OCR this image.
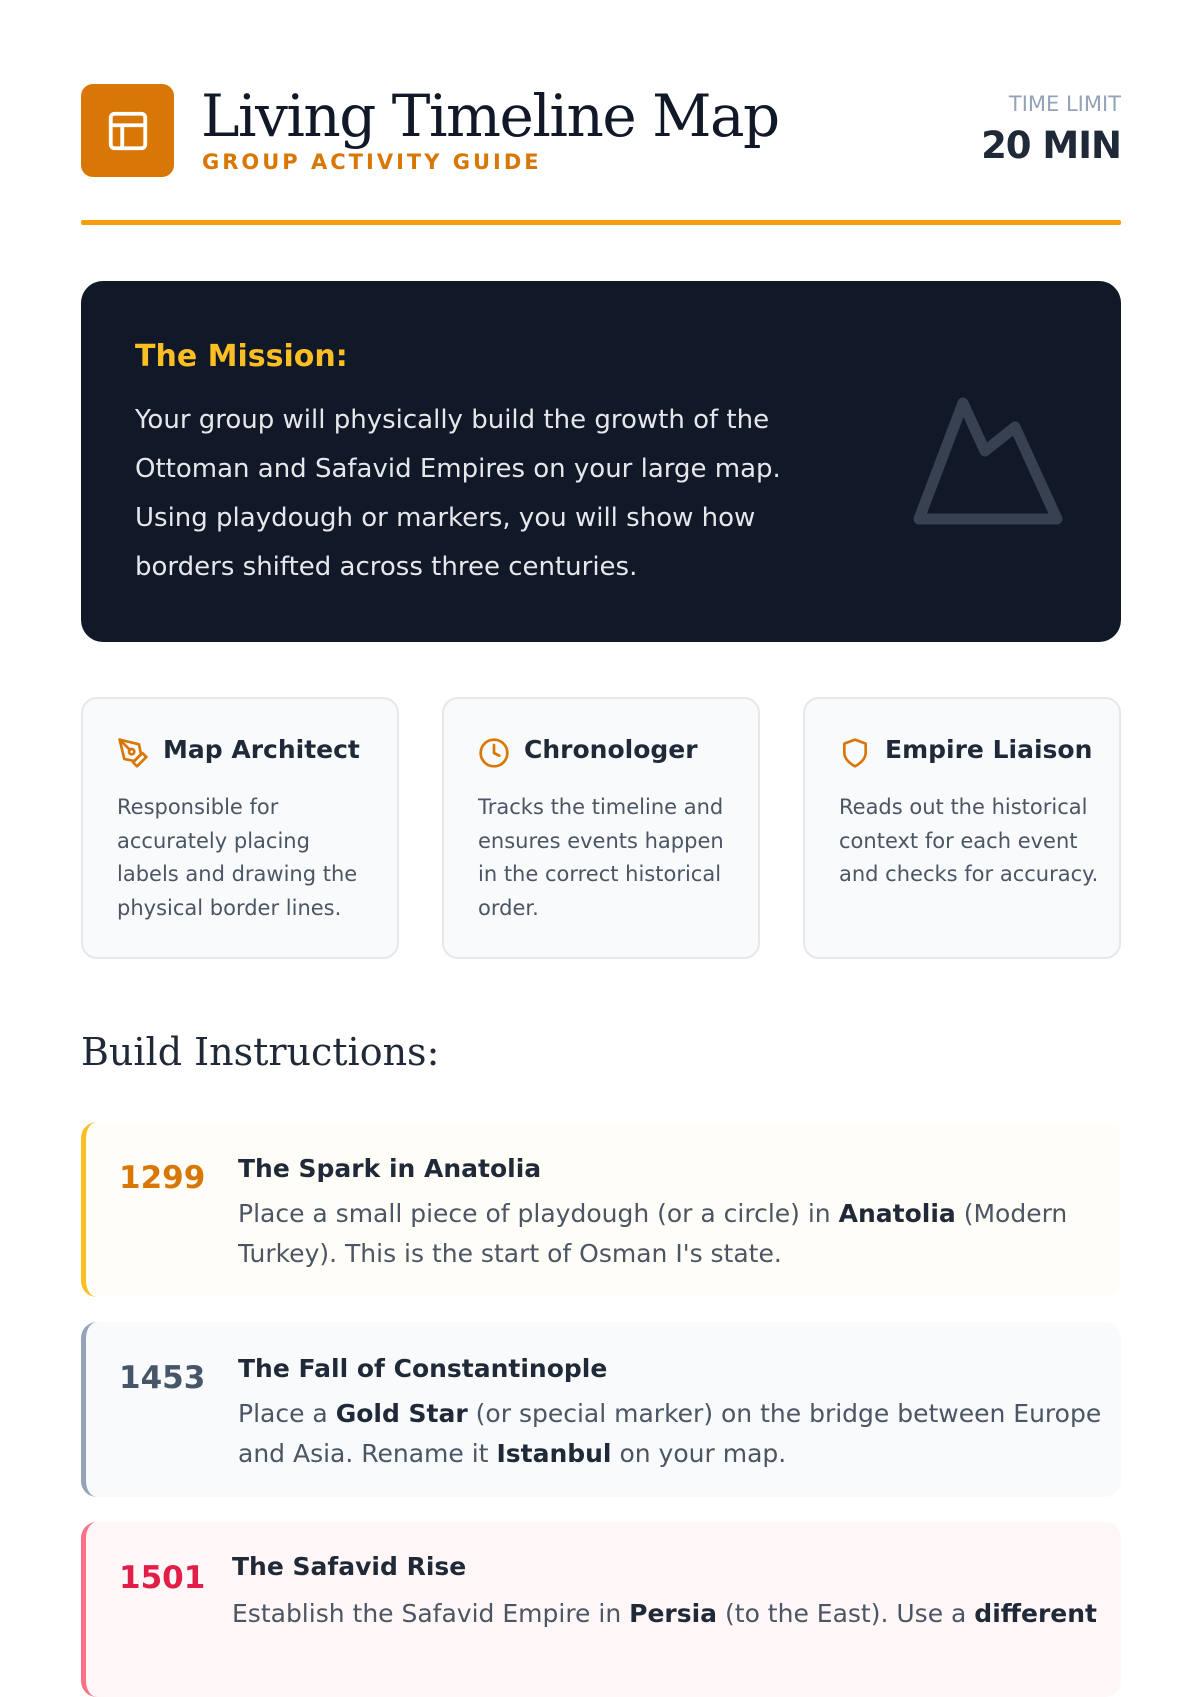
Living Timeline Map
GROUP ACTIVITY GUIDE
TIME LIMIT
20 MIN
The Mission:
Your group will physically build the growth of the Ottoman and Safavid Empires on your large map. Using playdough or markers, you will show how borders shifted across three centuries.
Map Architect
Responsible for accurately placing labels and drawing the physical border lines.
Chronologer
Tracks the timeline and ensures events happen in the correct historical order.
Empire Liaison
Reads out the historical context for each event and checks for accuracy.
Build Instructions:
1299 The Spark in Anatolia
Place a small piece of playdough (or a circle) in Anatolia (Modern Turkey). This is the start of Osman I's state.
1453 The Fall of Constantinople
Place a Gold Star (or special marker) on the bridge between Europe and Asia. Rename it Istanbul on your map.
1501 The Safavid Rise
Establish the Safavid Empire in Persia (to the East). Use a different
